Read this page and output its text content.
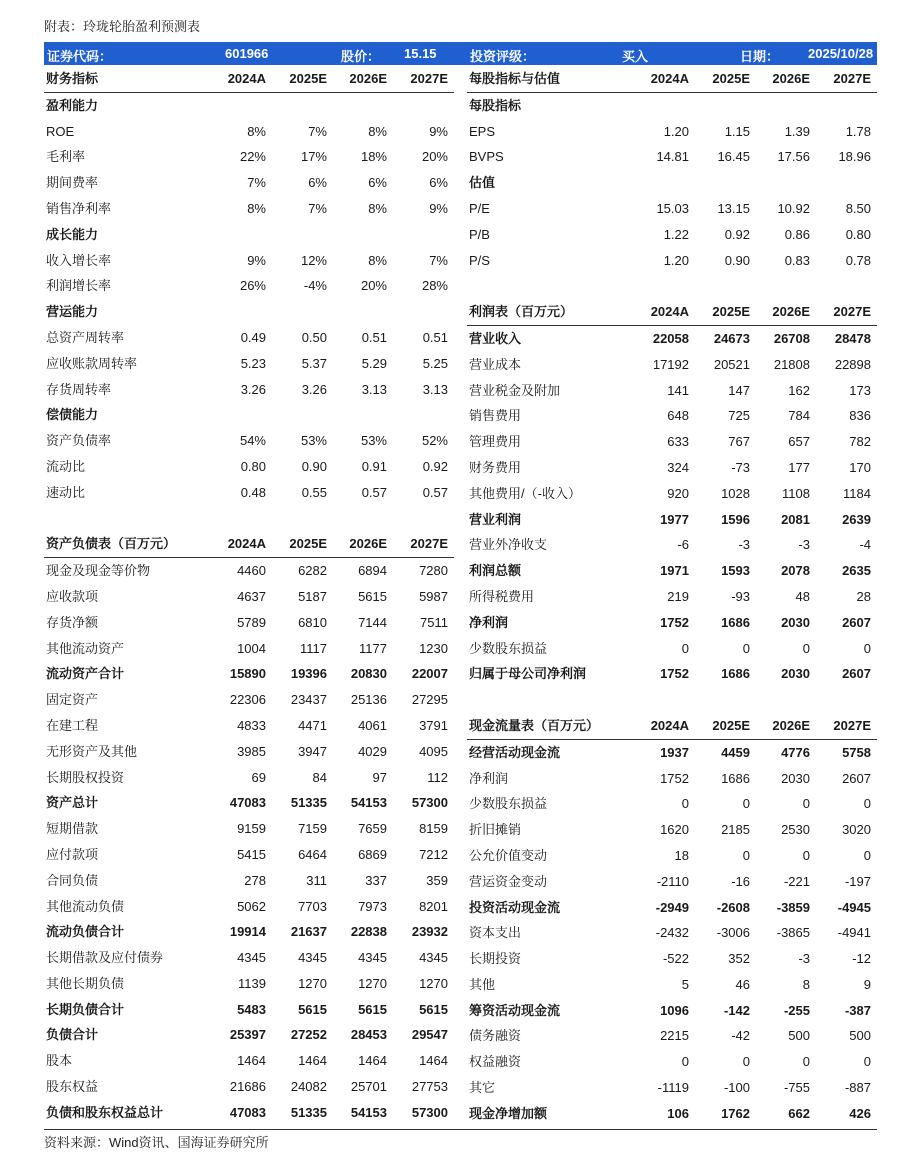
附表：玲珑轮胎盈利预测表
证券代码：	601966	股价： 15.15	投资评级：	买入	日期： 2025/10/28
财务指标	2024A	2025E	2026E	2027E
盈利能力
ROE	8%	7%	8%	9%
毛利率	22%	17%	18%	20%
期间费率	7%	6%	6%	6%
销售净利率	8%	7%	8%	9%
成长能力
收入增长率	9%	12%	8%	7%
利润增长率	26%	-4%	20%	28%
营运能力
总资产周转率	0.49	0.50	0.51	0.51
应收账款周转率	5.23	5.37	5.29	5.25
存货周转率	3.26	3.26	3.13	3.13
偿债能力
资产负债率	54%	53%	53%	52%
流动比	0.80	0.90	0.91	0.92
速动比	0.48	0.55	0.57	0.57
资产负债表（百万元）	2024A	2025E	2026E	2027E
现金及现金等价物	4460	6282	6894	7280
应收款项	4637	5187	5615	5987
存货净额	5789	6810	7144	7511
其他流动资产	1004	1117	1177	1230
流动资产合计	15890	19396	20830	22007
固定资产	22306	23437	25136	27295
在建工程	4833	4471	4061	3791
无形资产及其他	3985	3947	4029	4095
长期股权投资	69	84	97	112
资产总计	47083	51335	54153	57300
短期借款	9159	7159	7659	8159
应付款项	5415	6464	6869	7212
合同负债	278	311	337	359
其他流动负债	5062	7703	7973	8201
流动负债合计	19914	21637	22838	23932
长期借款及应付债券	4345	4345	4345	4345
其他长期负债	1139	1270	1270	1270
长期负债合计	5483	5615	5615	5615
负债合计	25397	27252	28453	29547
股本	1464	1464	1464	1464
股东权益	21686	24082	25701	27753
负债和股东权益总计	47083	51335	54153	57300
每股指标与估值	2024A	2025E	2026E	2027E
每股指标
EPS	1.20	1.15	1.39	1.78
BVPS	14.81	16.45	17.56	18.96
估值
P/E	15.03	13.15	10.92	8.50
P/B	1.22	0.92	0.86	0.80
P/S	1.20	0.90	0.83	0.78
利润表（百万元）	2024A	2025E	2026E	2027E
营业收入	22058	24673	26708	28478
营业成本	17192	20521	21808	22898
营业税金及附加	141	147	162	173
销售费用	648	725	784	836
管理费用	633	767	657	782
财务费用	324	-73	177	170
其他费用/（-收入）	920	1028	1108	1184
营业利润	1977	1596	2081	2639
营业外净收支	-6	-3	-3	-4
利润总额	1971	1593	2078	2635
所得税费用	219	-93	48	28
净利润	1752	1686	2030	2607
少数股东损益	0	0	0	0
归属于母公司净利润	1752	1686	2030	2607
现金流量表（百万元）	2024A	2025E	2026E	2027E
经营活动现金流	1937	4459	4776	5758
净利润	1752	1686	2030	2607
少数股东损益	0	0	0	0
折旧摊销	1620	2185	2530	3020
公允价值变动	18	0	0	0
营运资金变动	-2110	-16	-221	-197
投资活动现金流	-2949	-2608	-3859	-4945
资本支出	-2432	-3006	-3865	-4941
长期投资	-522	352	-3	-12
其他	5	46	8	9
筹资活动现金流	1096	-142	-255	-387
债务融资	2215	-42	500	500
权益融资	0	0	0	0
其它	-1119	-100	-755	-887
现金净增加额	106	1762	662	426
资料来源：Wind资讯、国海证券研究所
